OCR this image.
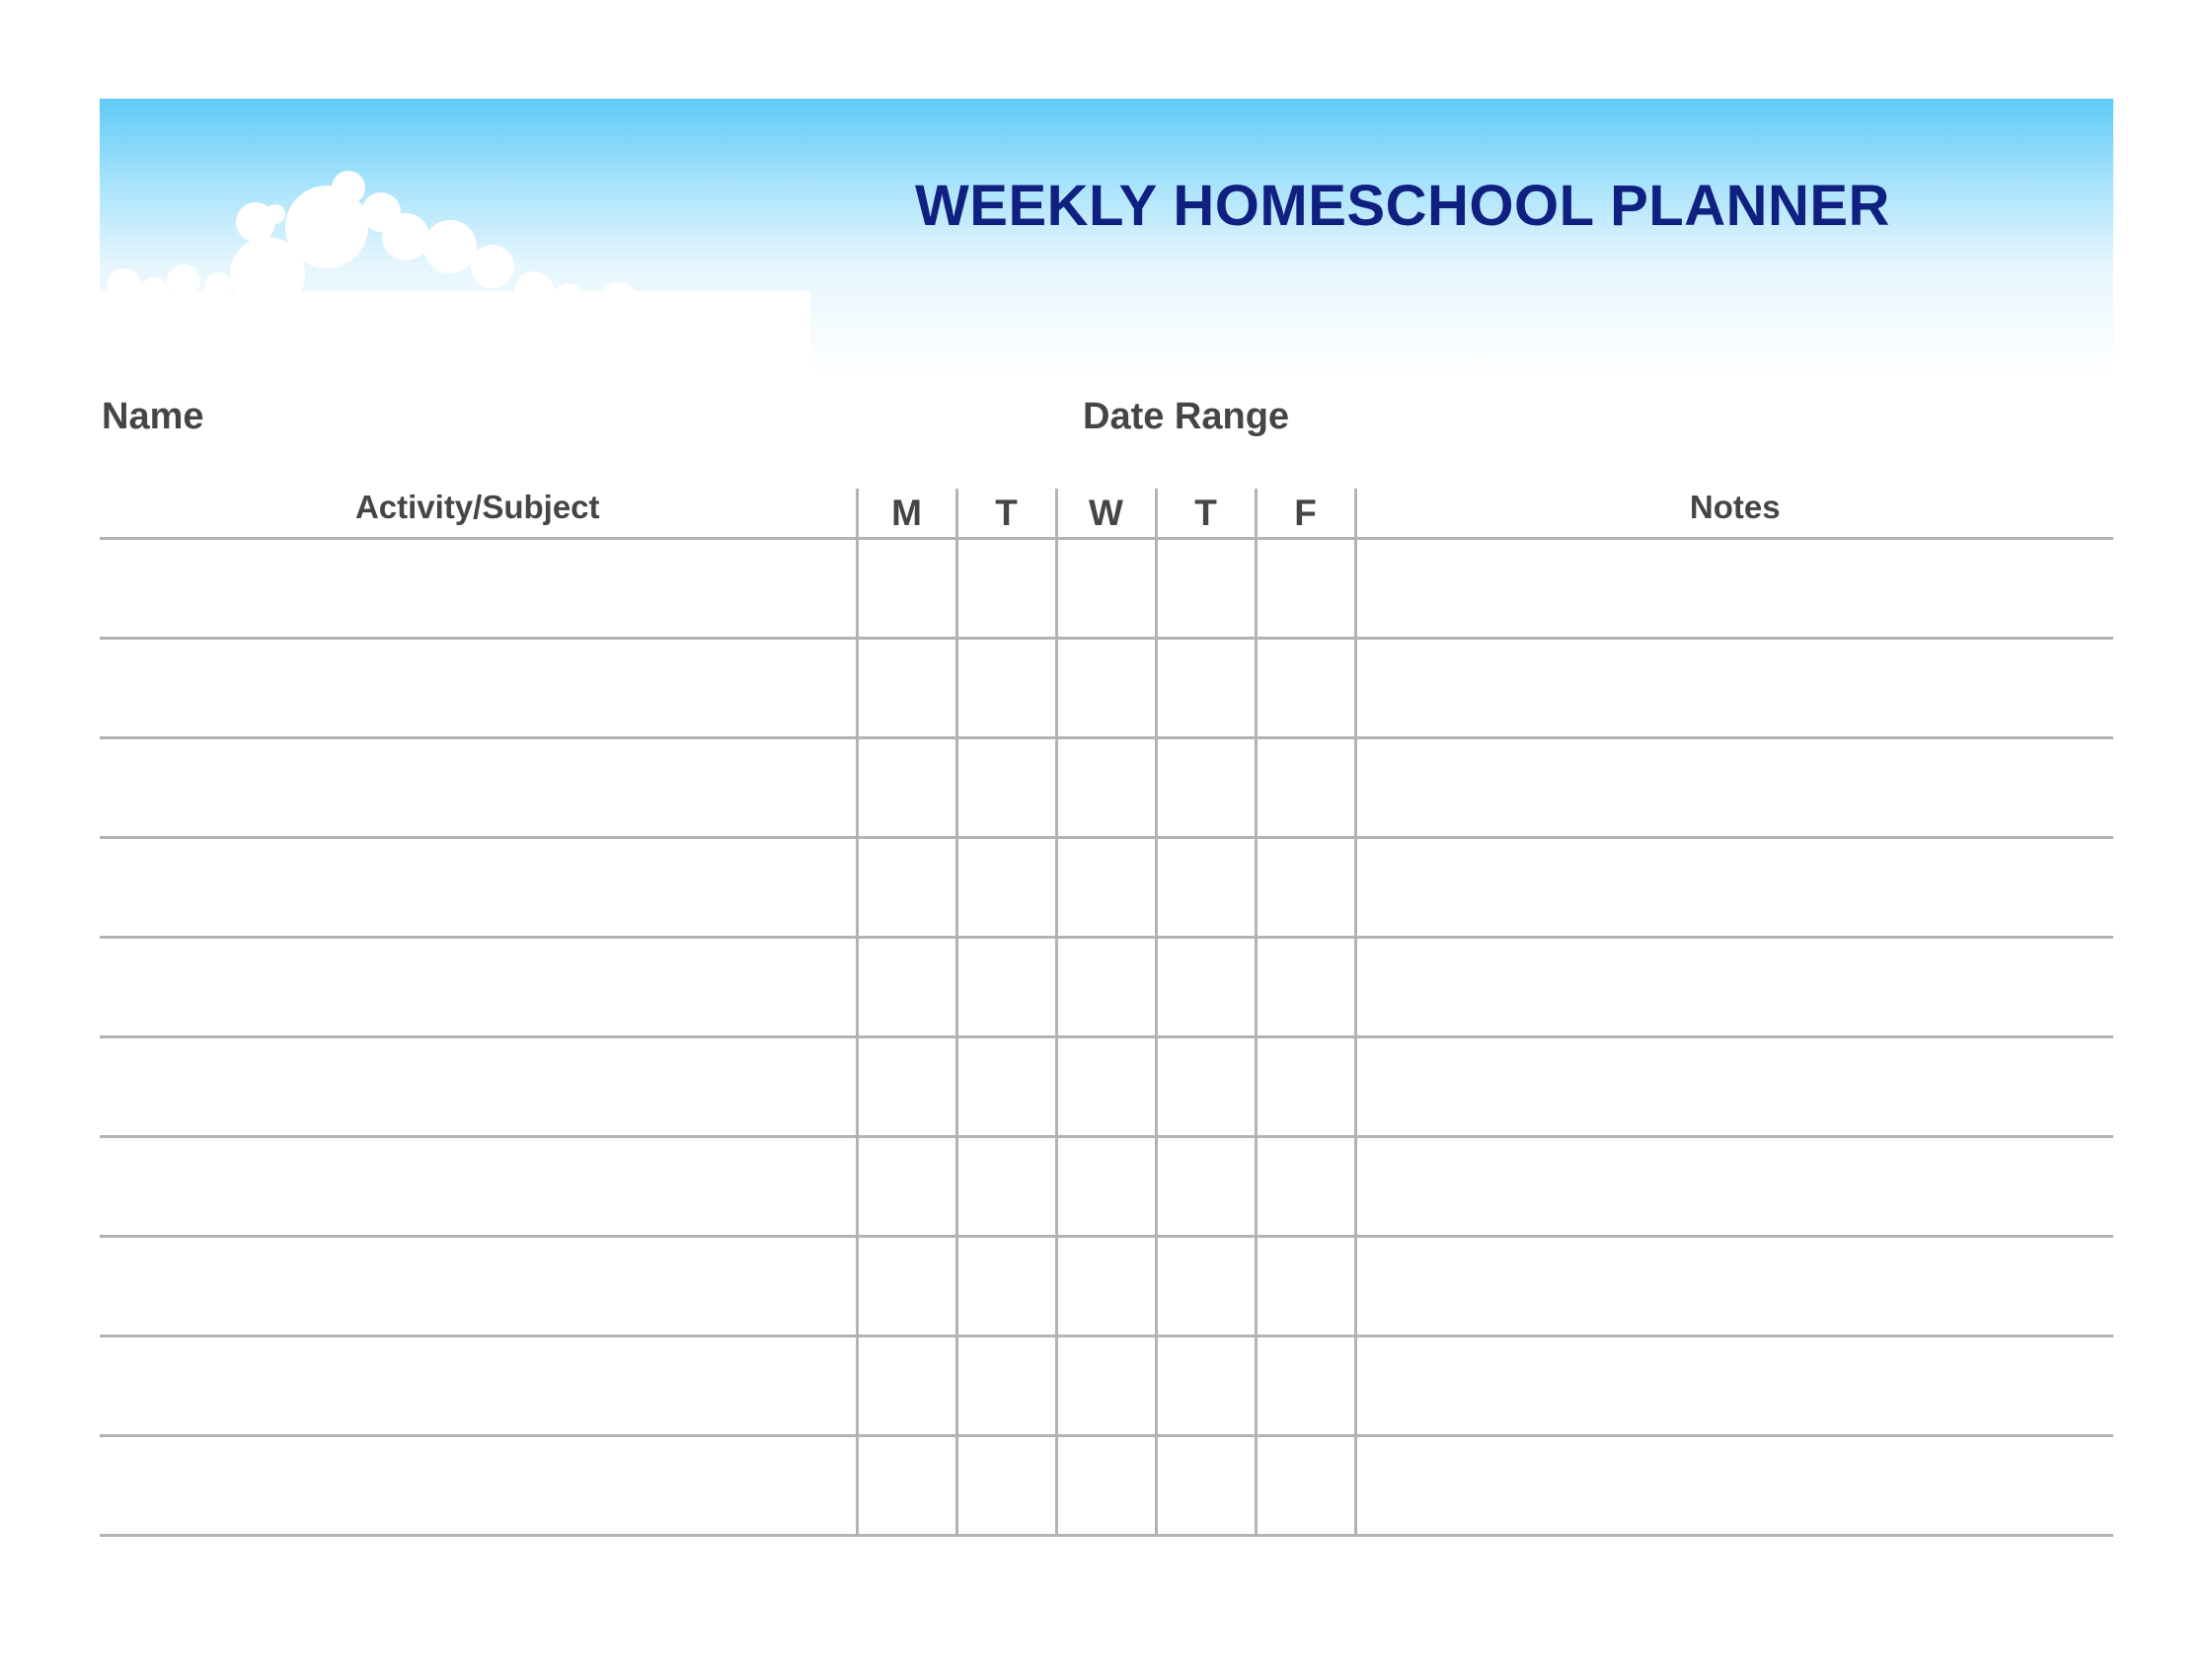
WEEKLY HOMESCHOOL PLANNER
Name	Date Range
Activity/Subject	M	T	W	T	F	Notes
